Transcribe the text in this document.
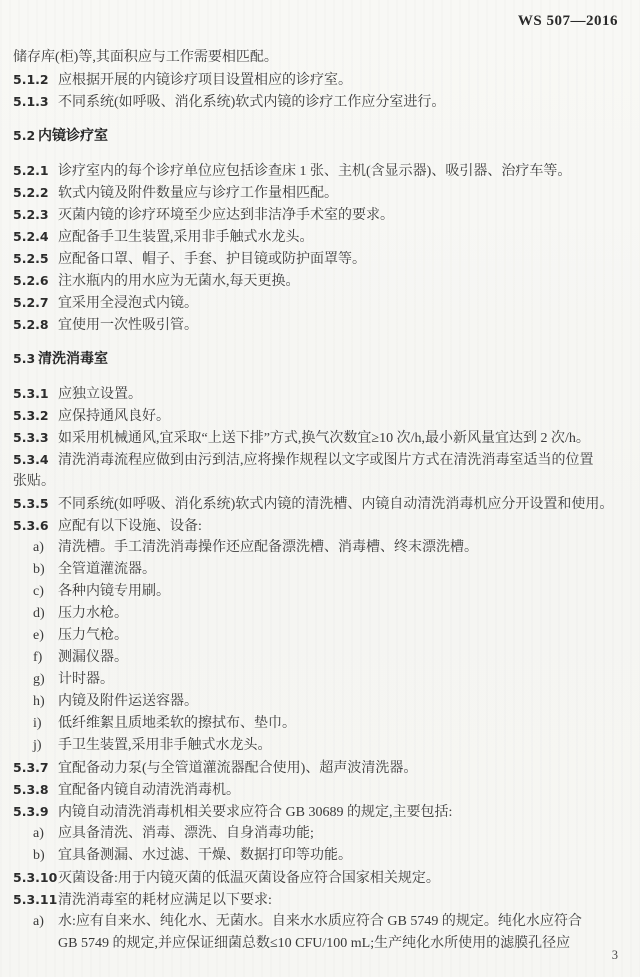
WS 507—2016
储存库(柜)等,其面积应与工作需要相匹配。
5.1.2 应根据开展的内镜诊疗项目设置相应的诊疗室。
5.1.3 不同系统(如呼吸、消化系统)软式内镜的诊疗工作应分室进行。
5.2 内镜诊疗室
5.2.1 诊疗室内的每个诊疗单位应包括诊查床 1 张、主机(含显示器)、吸引器、治疗车等。
5.2.2 软式内镜及附件数量应与诊疗工作量相匹配。
5.2.3 灭菌内镜的诊疗环境至少应达到非洁净手术室的要求。
5.2.4 应配备手卫生装置,采用非手触式水龙头。
5.2.5 应配备口罩、帽子、手套、护目镜或防护面罩等。
5.2.6 注水瓶内的用水应为无菌水,每天更换。
5.2.7 宜采用全浸泡式内镜。
5.2.8 宜使用一次性吸引管。
5.3 清洗消毒室
5.3.1 应独立设置。
5.3.2 应保持通风良好。
5.3.3 如采用机械通风,宜采取“上送下排”方式,换气次数宜≥10 次/h,最小新风量宜达到 2 次/h。
5.3.4 清洗消毒流程应做到由污到洁,应将操作规程以文字或图片方式在清洗消毒室适当的位置
张贴。
5.3.5 不同系统(如呼吸、消化系统)软式内镜的清洗槽、内镜自动清洗消毒机应分开设置和使用。
5.3.6 应配有以下设施、设备:
a) 清洗槽。手工清洗消毒操作还应配备漂洗槽、消毒槽、终末漂洗槽。
b) 全管道灌流器。
c) 各种内镜专用刷。
d) 压力水枪。
e) 压力气枪。
f) 测漏仪器。
g) 计时器。
h) 内镜及附件运送容器。
i) 低纤维絮且质地柔软的擦拭布、垫巾。
j) 手卫生装置,采用非手触式水龙头。
5.3.7 宜配备动力泵(与全管道灌流器配合使用)、超声波清洗器。
5.3.8 宜配备内镜自动清洗消毒机。
5.3.9 内镜自动清洗消毒机相关要求应符合 GB 30689 的规定,主要包括:
a) 应具备清洗、消毒、漂洗、自身消毒功能;
b) 宜具备测漏、水过滤、干燥、数据打印等功能。
5.3.10灭菌设备:用于内镜灭菌的低温灭菌设备应符合国家相关规定。
5.3.11清洗消毒室的耗材应满足以下要求:
a) 水:应有自来水、纯化水、无菌水。自来水水质应符合 GB 5749 的规定。纯化水应符合
GB 5749 的规定,并应保证细菌总数≤10 CFU/100 mL;生产纯化水所使用的滤膜孔径应
3
